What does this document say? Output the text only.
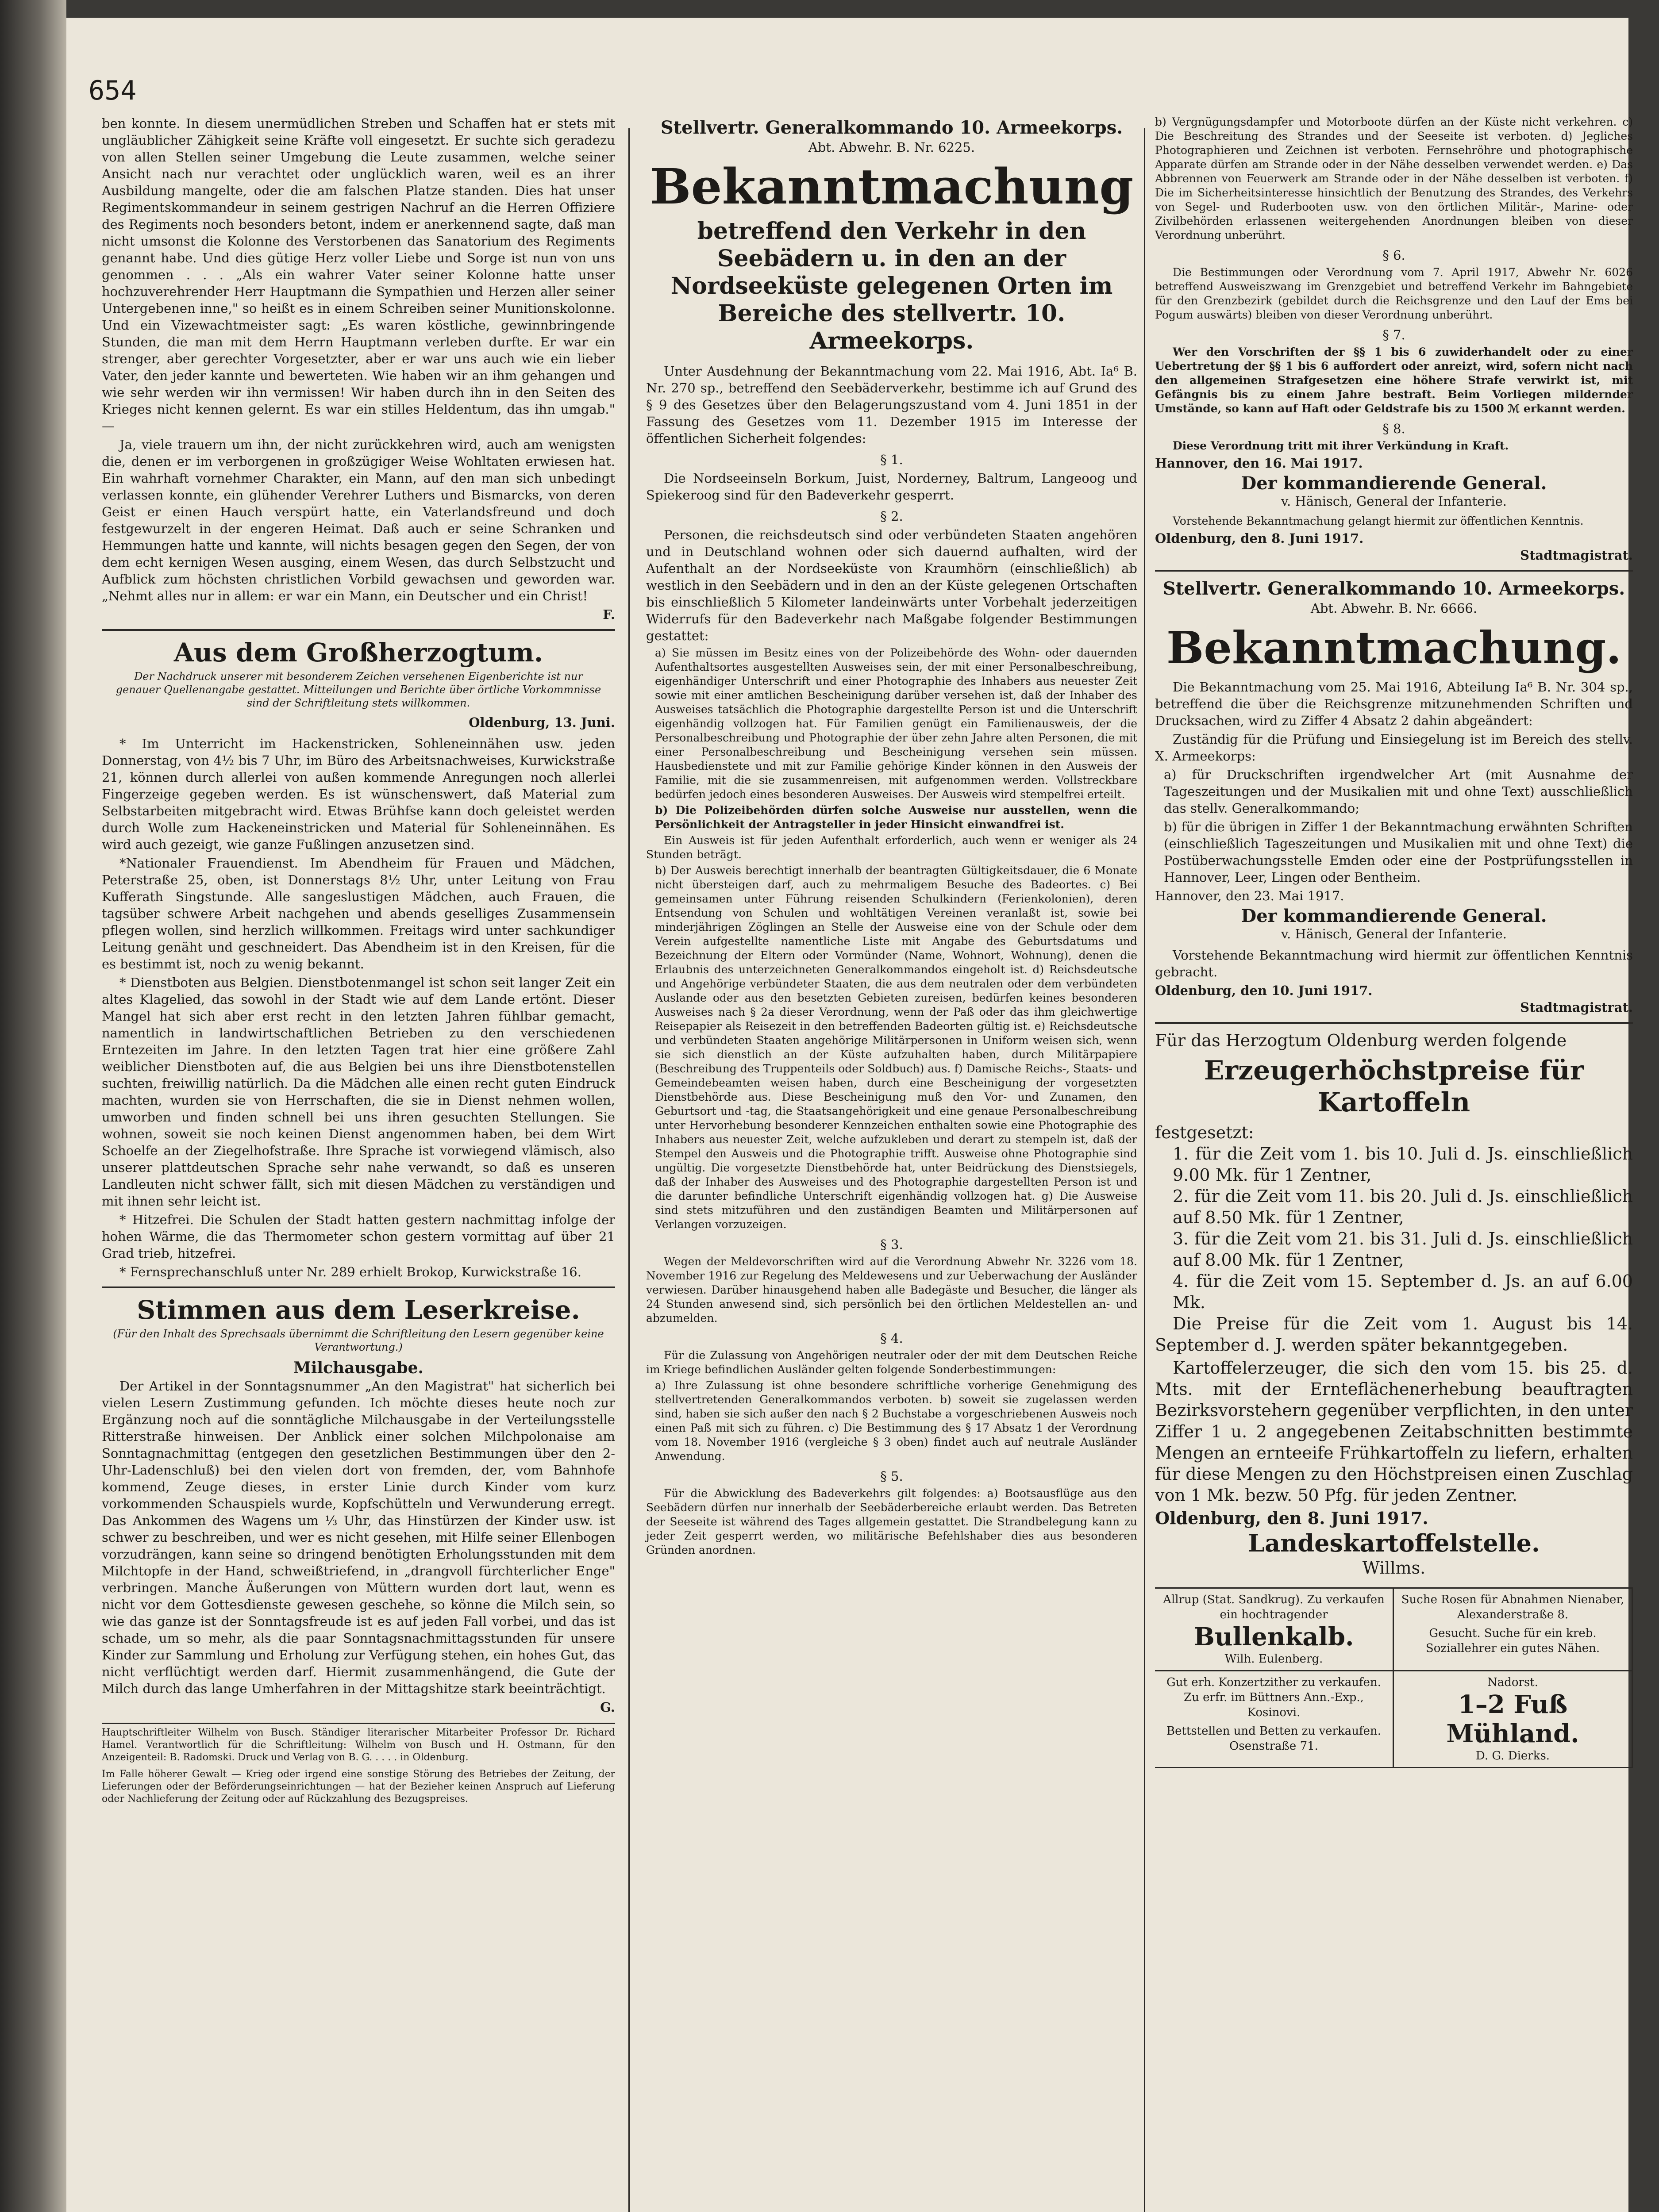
654

ben konnte. In diesem unermüdlichen Streben und Schaffen hat er stets mit ungläublicher Zähigkeit seine Kräfte voll eingesetzt. Er suchte sich geradezu von allen Stellen seiner Umgebung die Leute zusammen, welche seiner Ansicht nach nur verachtet oder unglücklich waren, weil es an ihrer Ausbildung mangelte, oder die am falschen Platze standen. Dies hat unser Regimentskommandeur in seinem gestrigen Nachruf an die Herren Offiziere des Regiments noch besonders betont, indem er anerkennend sagte, daß man nicht umsonst die Kolonne des Verstorbenen das Sanatorium des Regiments genannt habe. Und dies gütige Herz voller Liebe und Sorge ist nun von uns genommen . . . „Als ein wahrer Vater seiner Kolonne hatte unser hochzuverehrender Herr Hauptmann die Sympathien und Herzen aller seiner Untergebenen inne," so heißt es in einem Schreiben seiner Munitionskolonne. Und ein Vizewachtmeister sagt: „Es waren köstliche, gewinnbringende Stunden, die man mit dem Herrn Hauptmann verleben durfte. Er war ein strenger, aber gerechter Vorgesetzter, aber er war uns auch wie ein lieber Vater, den jeder kannte und bewerteten. Wie haben wir an ihm gehangen und wie sehr werden wir ihn vermissen! Wir haben durch ihn in den Seiten des Krieges nicht kennen gelernt. Es war ein stilles Heldentum, das ihn umgab." —

Ja, viele trauern um ihn, der nicht zurückkehren wird, auch am wenigsten die, denen er im verborgenen in großzügiger Weise Wohltaten erwiesen hat. Ein wahrhaft vornehmer Charakter, ein Mann, auf den man sich unbedingt verlassen konnte, ein glühender Verehrer Luthers und Bismarcks, von deren Geist er einen Hauch verspürt hatte, ein Vaterlandsfreund und doch festgewurzelt in der engeren Heimat. Daß auch er seine Schranken und Hemmungen hatte und kannte, will nichts besagen gegen den Segen, der von dem echt kernigen Wesen ausging, einem Wesen, das durch Selbstzucht und Aufblick zum höchsten christlichen Vorbild gewachsen und geworden war. „Nehmt alles nur in allem: er war ein Mann, ein Deutscher und ein Christ!

F.
Aus dem Großherzogtum.
Der Nachdruck unserer mit besonderem Zeichen versehenen Eigenberichte ist nur genauer Quellenangabe gestattet. Mitteilungen und Berichte über örtliche Vorkommnisse sind der Schriftleitung stets willkommen.
Oldenburg, 13. Juni.

* Im Unterricht im Hackenstricken, Sohleneinnähen usw. jeden Donnerstag, von 4½ bis 7 Uhr, im Büro des Arbeitsnachweises, Kurwickstraße 21, können durch allerlei von außen kommende Anregungen noch allerlei Fingerzeige gegeben werden. Es ist wünschenswert, daß Material zum Selbstarbeiten mitgebracht wird. Etwas Brühfse kann doch geleistet werden durch Wolle zum Hackeneinstricken und Material für Sohleneinnähen. Es wird auch gezeigt, wie ganze Fußlingen anzusetzen sind.

*Nationaler Frauendienst. Im Abendheim für Frauen und Mädchen, Peterstraße 25, oben, ist Donnerstags 8½ Uhr, unter Leitung von Frau Kufferath Singstunde. Alle sangeslustigen Mädchen, auch Frauen, die tagsüber schwere Arbeit nachgehen und abends geselliges Zusammensein pflegen wollen, sind herzlich willkommen. Freitags wird unter sachkundiger Leitung genäht und geschneidert. Das Abendheim ist in den Kreisen, für die es bestimmt ist, noch zu wenig bekannt.

* Dienstboten aus Belgien. Dienstbotenmangel ist schon seit langer Zeit ein altes Klagelied, das sowohl in der Stadt wie auf dem Lande ertönt. Dieser Mangel hat sich aber erst recht in den letzten Jahren fühlbar gemacht, namentlich in landwirtschaftlichen Betrieben zu den verschiedenen Erntezeiten im Jahre. In den letzten Tagen trat hier eine größere Zahl weiblicher Dienstboten auf, die aus Belgien bei uns ihre Dienstbotenstellen suchten, freiwillig natürlich. Da die Mädchen alle einen recht guten Eindruck machten, wurden sie von Herrschaften, die sie in Dienst nehmen wollen, umworben und finden schnell bei uns ihren gesuchten Stellungen. Sie wohnen, soweit sie noch keinen Dienst angenommen haben, bei dem Wirt Schoelfe an der Ziegelhofstraße. Ihre Sprache ist vorwiegend vlämisch, also unserer plattdeutschen Sprache sehr nahe verwandt, so daß es unseren Landleuten nicht schwer fällt, sich mit diesen Mädchen zu verständigen und mit ihnen sehr leicht ist.

* Hitzefrei. Die Schulen der Stadt hatten gestern nachmittag infolge der hohen Wärme, die das Thermometer schon gestern vormittag auf über 21 Grad trieb, hitzefrei.

* Fernsprechanschluß unter Nr. 289 erhielt Brokop, Kurwickstraße 16.

Stimmen aus dem Leserkreise.
(Für den Inhalt des Sprechsaals übernimmt die Schriftleitung den Lesern gegenüber keine Verantwortung.)
Milchausgabe.

Der Artikel in der Sonntagsnummer „An den Magistrat" hat sicherlich bei vielen Lesern Zustimmung gefunden. Ich möchte dieses heute noch zur Ergänzung noch auf die sonntägliche Milchausgabe in der Verteilungsstelle Ritterstraße hinweisen. Der Anblick einer solchen Milchpolonaise am Sonntagnachmittag (entgegen den gesetzlichen Bestimmungen über den 2-Uhr-Ladenschluß) bei den vielen dort von fremden, der, vom Bahnhofe kommend, Zeuge dieses, in erster Linie durch Kinder vom kurz vorkommenden Schauspiels wurde, Kopfschütteln und Verwunderung erregt. Das Ankommen des Wagens um ⅓ Uhr, das Hinstürzen der Kinder usw. ist schwer zu beschreiben, und wer es nicht gesehen, mit Hilfe seiner Ellenbogen vorzudrängen, kann seine so dringend benötigten Erholungsstunden mit dem Milchtopfe in der Hand, schweißtriefend, in „drangvoll fürchterlicher Enge" verbringen. Manche Äußerungen von Müttern wurden dort laut, wenn es nicht vor dem Gottesdienste gewesen geschehe, so könne die Milch sein, so wie das ganze ist der Sonntagsfreude ist es auf jeden Fall vorbei, und das ist schade, um so mehr, als die paar Sonntagsnachmittagsstunden für unsere Kinder zur Sammlung und Erholung zur Verfügung stehen, ein hohes Gut, das nicht verflüchtigt werden darf. Hiermit zusammenhängend, die Gute der Milch durch das lange Umherfahren in der Mittagshitze stark beeinträchtigt.

G.
Hauptschriftleiter Wilhelm von Busch. Ständiger literarischer Mitarbeiter Professor Dr. Richard Hamel. Verantwortlich für die Schriftleitung: Wilhelm von Busch und H. Ostmann, für den Anzeigenteil: B. Radomski. Druck und Verlag von B. G. . . . . in Oldenburg.
Im Falle höherer Gewalt — Krieg oder irgend eine sonstige Störung des Betriebes der Zeitung, der Lieferungen oder der Beförderungseinrichtungen — hat der Bezieher keinen Anspruch auf Lieferung oder Nachlieferung der Zeitung oder auf Rückzahlung des Bezugspreises.
Stellvertr. Generalkommando 10. Armeekorps.
Abt. Abwehr. B. Nr. 6225.
Bekanntmachung
betreffend den Verkehr in den Seebädern u. in den an der Nordseeküste gelegenen Orten im Bereiche des stellvertr. 10. Armeekorps.

Unter Ausdehnung der Bekanntmachung vom 22. Mai 1916, Abt. Ia⁶ B. Nr. 270 sp., betreffend den Seebäderverkehr, bestimme ich auf Grund des § 9 des Gesetzes über den Belagerungszustand vom 4. Juni 1851 in der Fassung des Gesetzes vom 11. Dezember 1915 im Interesse der öffentlichen Sicherheit folgendes:

§ 1.

Die Nordseeinseln Borkum, Juist, Norderney, Baltrum, Langeoog und Spiekeroog sind für den Badeverkehr gesperrt.

§ 2.

Personen, die reichsdeutsch sind oder verbündeten Staaten angehören und in Deutschland wohnen oder sich dauernd aufhalten, wird der Aufenthalt an der Nordseeküste von Kraumhörn (einschließlich) ab westlich in den Seebädern und in den an der Küste gelegenen Ortschaften bis einschließlich 5 Kilometer landeinwärts unter Vorbehalt jederzeitigen Widerrufs für den Badeverkehr nach Maßgabe folgender Bestimmungen gestattet:

a) Sie müssen im Besitz eines von der Polizeibehörde des Wohn- oder dauernden Aufenthaltsortes ausgestellten Ausweises sein, der mit einer Personalbeschreibung, eigenhändiger Unterschrift und einer Photographie des Inhabers aus neuester Zeit sowie mit einer amtlichen Bescheinigung darüber versehen ist, daß der Inhaber des Ausweises tatsächlich die Photographie dargestellte Person ist und die Unterschrift eigenhändig vollzogen hat. Für Familien genügt ein Familienausweis, der die Personalbeschreibung und Photographie der über zehn Jahre alten Personen, die mit einer Personalbeschreibung und Bescheinigung versehen sein müssen. Hausbedienstete und mit zur Familie gehörige Kinder können in den Ausweis der Familie, mit die sie zusammenreisen, mit aufgenommen werden. Vollstreckbare bedürfen jedoch eines besonderen Ausweises. Der Ausweis wird stempelfrei erteilt.

b) Die Polizeibehörden dürfen solche Ausweise nur ausstellen, wenn die Persönlichkeit der Antragsteller in jeder Hinsicht einwandfrei ist.

Ein Ausweis ist für jeden Aufenthalt erforderlich, auch wenn er weniger als 24 Stunden beträgt.

b) Der Ausweis berechtigt innerhalb der beantragten Gültigkeitsdauer, die 6 Monate nicht übersteigen darf, auch zu mehrmaligem Besuche des Badeortes. c) Bei gemeinsamen unter Führung reisenden Schulkindern (Ferienkolonien), deren Entsendung von Schulen und wohltätigen Vereinen veranlaßt ist, sowie bei minderjährigen Zöglingen an Stelle der Ausweise eine von der Schule oder dem Verein aufgestellte namentliche Liste mit Angabe des Geburtsdatums und Bezeichnung der Eltern oder Vormünder (Name, Wohnort, Wohnung), denen die Erlaubnis des unterzeichneten Generalkommandos eingeholt ist. d) Reichsdeutsche und Angehörige verbündeter Staaten, die aus dem neutralen oder dem verbündeten Auslande oder aus den besetzten Gebieten zureisen, bedürfen keines besonderen Ausweises nach § 2a dieser Verordnung, wenn der Paß oder das ihm gleichwertige Reisepapier als Reisezeit in den betreffenden Badeorten gültig ist. e) Reichsdeutsche und verbündeten Staaten angehörige Militärpersonen in Uniform weisen sich, wenn sie sich dienstlich an der Küste aufzuhalten haben, durch Militärpapiere (Beschreibung des Truppenteils oder Soldbuch) aus. f) Damische Reichs-, Staats- und Gemeindebeamten weisen haben, durch eine Bescheinigung der vorgesetzten Dienstbehörde aus. Diese Bescheinigung muß den Vor- und Zunamen, den Geburtsort und -tag, die Staatsangehörigkeit und eine genaue Personalbeschreibung unter Hervorhebung besonderer Kennzeichen enthalten sowie eine Photographie des Inhabers aus neuester Zeit, welche aufzukleben und derart zu stempeln ist, daß der Stempel den Ausweis und die Photographie trifft. Ausweise ohne Photographie sind ungültig. Die vorgesetzte Dienstbehörde hat, unter Beidrückung des Dienstsiegels, daß der Inhaber des Ausweises und des Photographie dargestellten Person ist und die darunter befindliche Unterschrift eigenhändig vollzogen hat. g) Die Ausweise sind stets mitzuführen und den zuständigen Beamten und Militärpersonen auf Verlangen vorzuzeigen.

§ 3.

Wegen der Meldevorschriften wird auf die Verordnung Abwehr Nr. 3226 vom 18. November 1916 zur Regelung des Meldewesens und zur Ueberwachung der Ausländer verwiesen. Darüber hinausgehend haben alle Badegäste und Besucher, die länger als 24 Stunden anwesend sind, sich persönlich bei den örtlichen Meldestellen an- und abzumelden.

§ 4.

Für die Zulassung von Angehörigen neutraler oder der mit dem Deutschen Reiche im Kriege befindlichen Ausländer gelten folgende Sonderbestimmungen:

a) Ihre Zulassung ist ohne besondere schriftliche vorherige Genehmigung des stellvertretenden Generalkommandos verboten. b) soweit sie zugelassen werden sind, haben sie sich außer den nach § 2 Buchstabe a vorgeschriebenen Ausweis noch einen Paß mit sich zu führen. c) Die Bestimmung des § 17 Absatz 1 der Verordnung vom 18. November 1916 (vergleiche § 3 oben) findet auch auf neutrale Ausländer Anwendung.

§ 5.

Für die Abwicklung des Badeverkehrs gilt folgendes: a) Bootsausflüge aus den Seebädern dürfen nur innerhalb der Seebäderbereiche erlaubt werden. Das Betreten der Seeseite ist während des Tages allgemein gestattet. Die Strandbelegung kann zu jeder Zeit gesperrt werden, wo militärische Befehlshaber dies aus besonderen Gründen anordnen.

b) Vergnügungsdampfer und Motorboote dürfen an der Küste nicht verkehren. c) Die Beschreitung des Strandes und der Seeseite ist verboten. d) Jegliches Photographieren und Zeichnen ist verboten. Fernsehröhre und photographische Apparate dürfen am Strande oder in der Nähe desselben verwendet werden. e) Das Abbrennen von Feuerwerk am Strande oder in der Nähe desselben ist verboten. f) Die im Sicherheitsinteresse hinsichtlich der Benutzung des Strandes, des Verkehrs von Segel- und Ruderbooten usw. von den örtlichen Militär-, Marine- oder Zivilbehörden erlassenen weitergehenden Anordnungen bleiben von dieser Verordnung unberührt.

§ 6.

Die Bestimmungen oder Verordnung vom 7. April 1917, Abwehr Nr. 6026 betreffend Ausweiszwang im Grenzgebiet und betreffend Verkehr im Bahngebiete für den Grenzbezirk (gebildet durch die Reichsgrenze und den Lauf der Ems bei Pogum auswärts) bleiben von dieser Verordnung unberührt.

§ 7.

Wer den Vorschriften der §§ 1 bis 6 zuwiderhandelt oder zu einer Uebertretung der §§ 1 bis 6 auffordert oder anreizt, wird, sofern nicht nach den allgemeinen Strafgesetzen eine höhere Strafe verwirkt ist, mit Gefängnis bis zu einem Jahre bestraft. Beim Vorliegen mildernder Umstände, so kann auf Haft oder Geldstrafe bis zu 1500 ℳ erkannt werden.

§ 8.

Diese Verordnung tritt mit ihrer Verkündung in Kraft.

Hannover, den 16. Mai 1917.
Der kommandierende General.
v. Hänisch, General der Infanterie.

Vorstehende Bekanntmachung gelangt hiermit zur öffentlichen Kenntnis.

Oldenburg, den 8. Juni 1917.
Stadtmagistrat.
Stellvertr. Generalkommando 10. Armeekorps.
Abt. Abwehr. B. Nr. 6666.
Bekanntmachung.

Die Bekanntmachung vom 25. Mai 1916, Abteilung Ia⁶ B. Nr. 304 sp., betreffend die über die Reichsgrenze mitzunehmenden Schriften und Drucksachen, wird zu Ziffer 4 Absatz 2 dahin abgeändert:

Zuständig für die Prüfung und Einsiegelung ist im Bereich des stellv. X. Armeekorps:

a) für Druckschriften irgendwelcher Art (mit Ausnahme der Tageszeitungen und der Musikalien mit und ohne Text) ausschließlich das stellv. Generalkommando;

b) für die übrigen in Ziffer 1 der Bekanntmachung erwähnten Schriften (einschließlich Tageszeitungen und Musikalien mit und ohne Text) die Postüberwachungsstelle Emden oder eine der Postprüfungsstellen in Hannover, Leer, Lingen oder Bentheim.

Hannover, den 23. Mai 1917.
Der kommandierende General.
v. Hänisch, General der Infanterie.

Vorstehende Bekanntmachung wird hiermit zur öffentlichen Kenntnis gebracht.

Oldenburg, den 10. Juni 1917.
Stadtmagistrat.
Für das Herzogtum Oldenburg werden folgende
Erzeugerhöchstpreise für Kartoffeln
festgesetzt:
1. für die Zeit vom 1. bis 10. Juli d. Js. einschließlich 9.00 Mk. für 1 Zentner,
2. für die Zeit vom 11. bis 20. Juli d. Js. einschließlich auf 8.50 Mk. für 1 Zentner,
3. für die Zeit vom 21. bis 31. Juli d. Js. einschließlich auf 8.00 Mk. für 1 Zentner,
4. für die Zeit vom 15. September d. Js. an auf 6.00 Mk.

Die Preise für die Zeit vom 1. August bis 14. September d. J. werden später bekanntgegeben.

Kartoffelerzeuger, die sich den vom 15. bis 25. d. Mts. mit der Ernteflächenerhebung beauftragten Bezirksvorstehern gegenüber verpflichten, in den unter Ziffer 1 u. 2 angegebenen Zeitabschnitten bestimmte Mengen an ernteeife Frühkartoffeln zu liefern, erhalten für diese Mengen zu den Höchstpreisen einen Zuschlag von 1 Mk. bezw. 50 Pfg. für jeden Zentner.

Oldenburg, den 8. Juni 1917.
Landeskartoffelstelle.
Willms.
Allrup (Stat. Sandkrug). Zu verkaufen ein hochtragender
Bullenkalb.
Wilh. Eulenberg.
Suche Rosen für Abnahmen Nienaber, Alexanderstraße 8.
Gesucht. Suche für ein kreb. Soziallehrer ein gutes Nähen.
Gut erh. Konzertzither zu verkaufen. Zu erfr. im Büttners Ann.-Exp., Kosinovi.
Bettstellen und Betten zu verkaufen. Osenstraße 71.
Nadorst.
1–2 Fuß Mühland.
D. G. Dierks.
